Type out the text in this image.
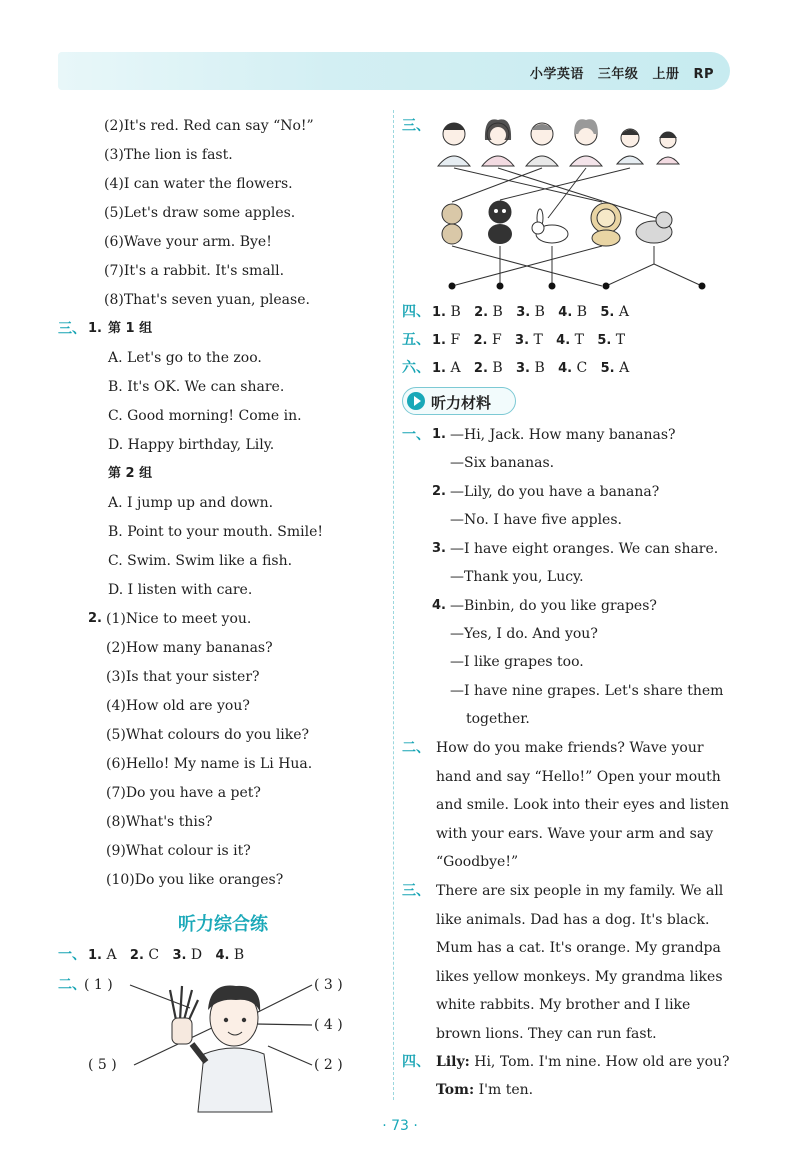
小学英语 三年级 上册 RP
(2)It's red. Red can say “No!”
(3)The lion is fast.
(4)I can water the flowers.
(5)Let's draw some apples.
(6)Wave your arm. Bye!
(7)It's a rabbit. It's small.
(8)That's seven yuan, please.
三、 1. 第 1 组
A. Let's go to the zoo.
B. It's OK. We can share.
C. Good morning! Come in.
D. Happy birthday, Lily.
第 2 组
A. I jump up and down.
B. Point to your mouth. Smile!
C. Swim. Swim like a fish.
D. I listen with care.
2. (1)Nice to meet you.
(2)How many bananas?
(3)Is that your sister?
(4)How old are you?
(5)What colours do you like?
(6)Hello! My name is Li Hua.
(7)Do you have a pet?
(8)What's this?
(9)What colour is it?
(10)Do you like oranges?
听力综合练
一、 1. A 2. C 3. D 4. B
二、
( 1 )	( 3 )
( 4 )
( 5 )	( 2 )
三、
四、 1. B 2. B 3. B 4. B 5. A
五、 1. F 2. F 3. T 4. T 5. T
六、 1. A 2. B 3. B 4. C 5. A
听力材料
一、 1. —Hi, Jack. How many bananas?
—Six bananas.
2. —Lily, do you have a banana?
—No. I have five apples.
3. —I have eight oranges. We can share.
—Thank you, Lucy.
4. —Binbin, do you like grapes?
—Yes, I do. And you?
—I like grapes too.
—I have nine grapes. Let's share them
together.
二、 How do you make friends? Wave your
hand and say “Hello!” Open your mouth
and smile. Look into their eyes and listen
with your ears. Wave your arm and say
“Goodbye!”
三、 There are six people in my family. We all
like animals. Dad has a dog. It's black.
Mum has a cat. It's orange. My grandpa
likes yellow monkeys. My grandma likes
white rabbits. My brother and I like
brown lions. They can run fast.
四、 Lily: Hi, Tom. I'm nine. How old are you?
Tom: I'm ten.
· 73 ·
